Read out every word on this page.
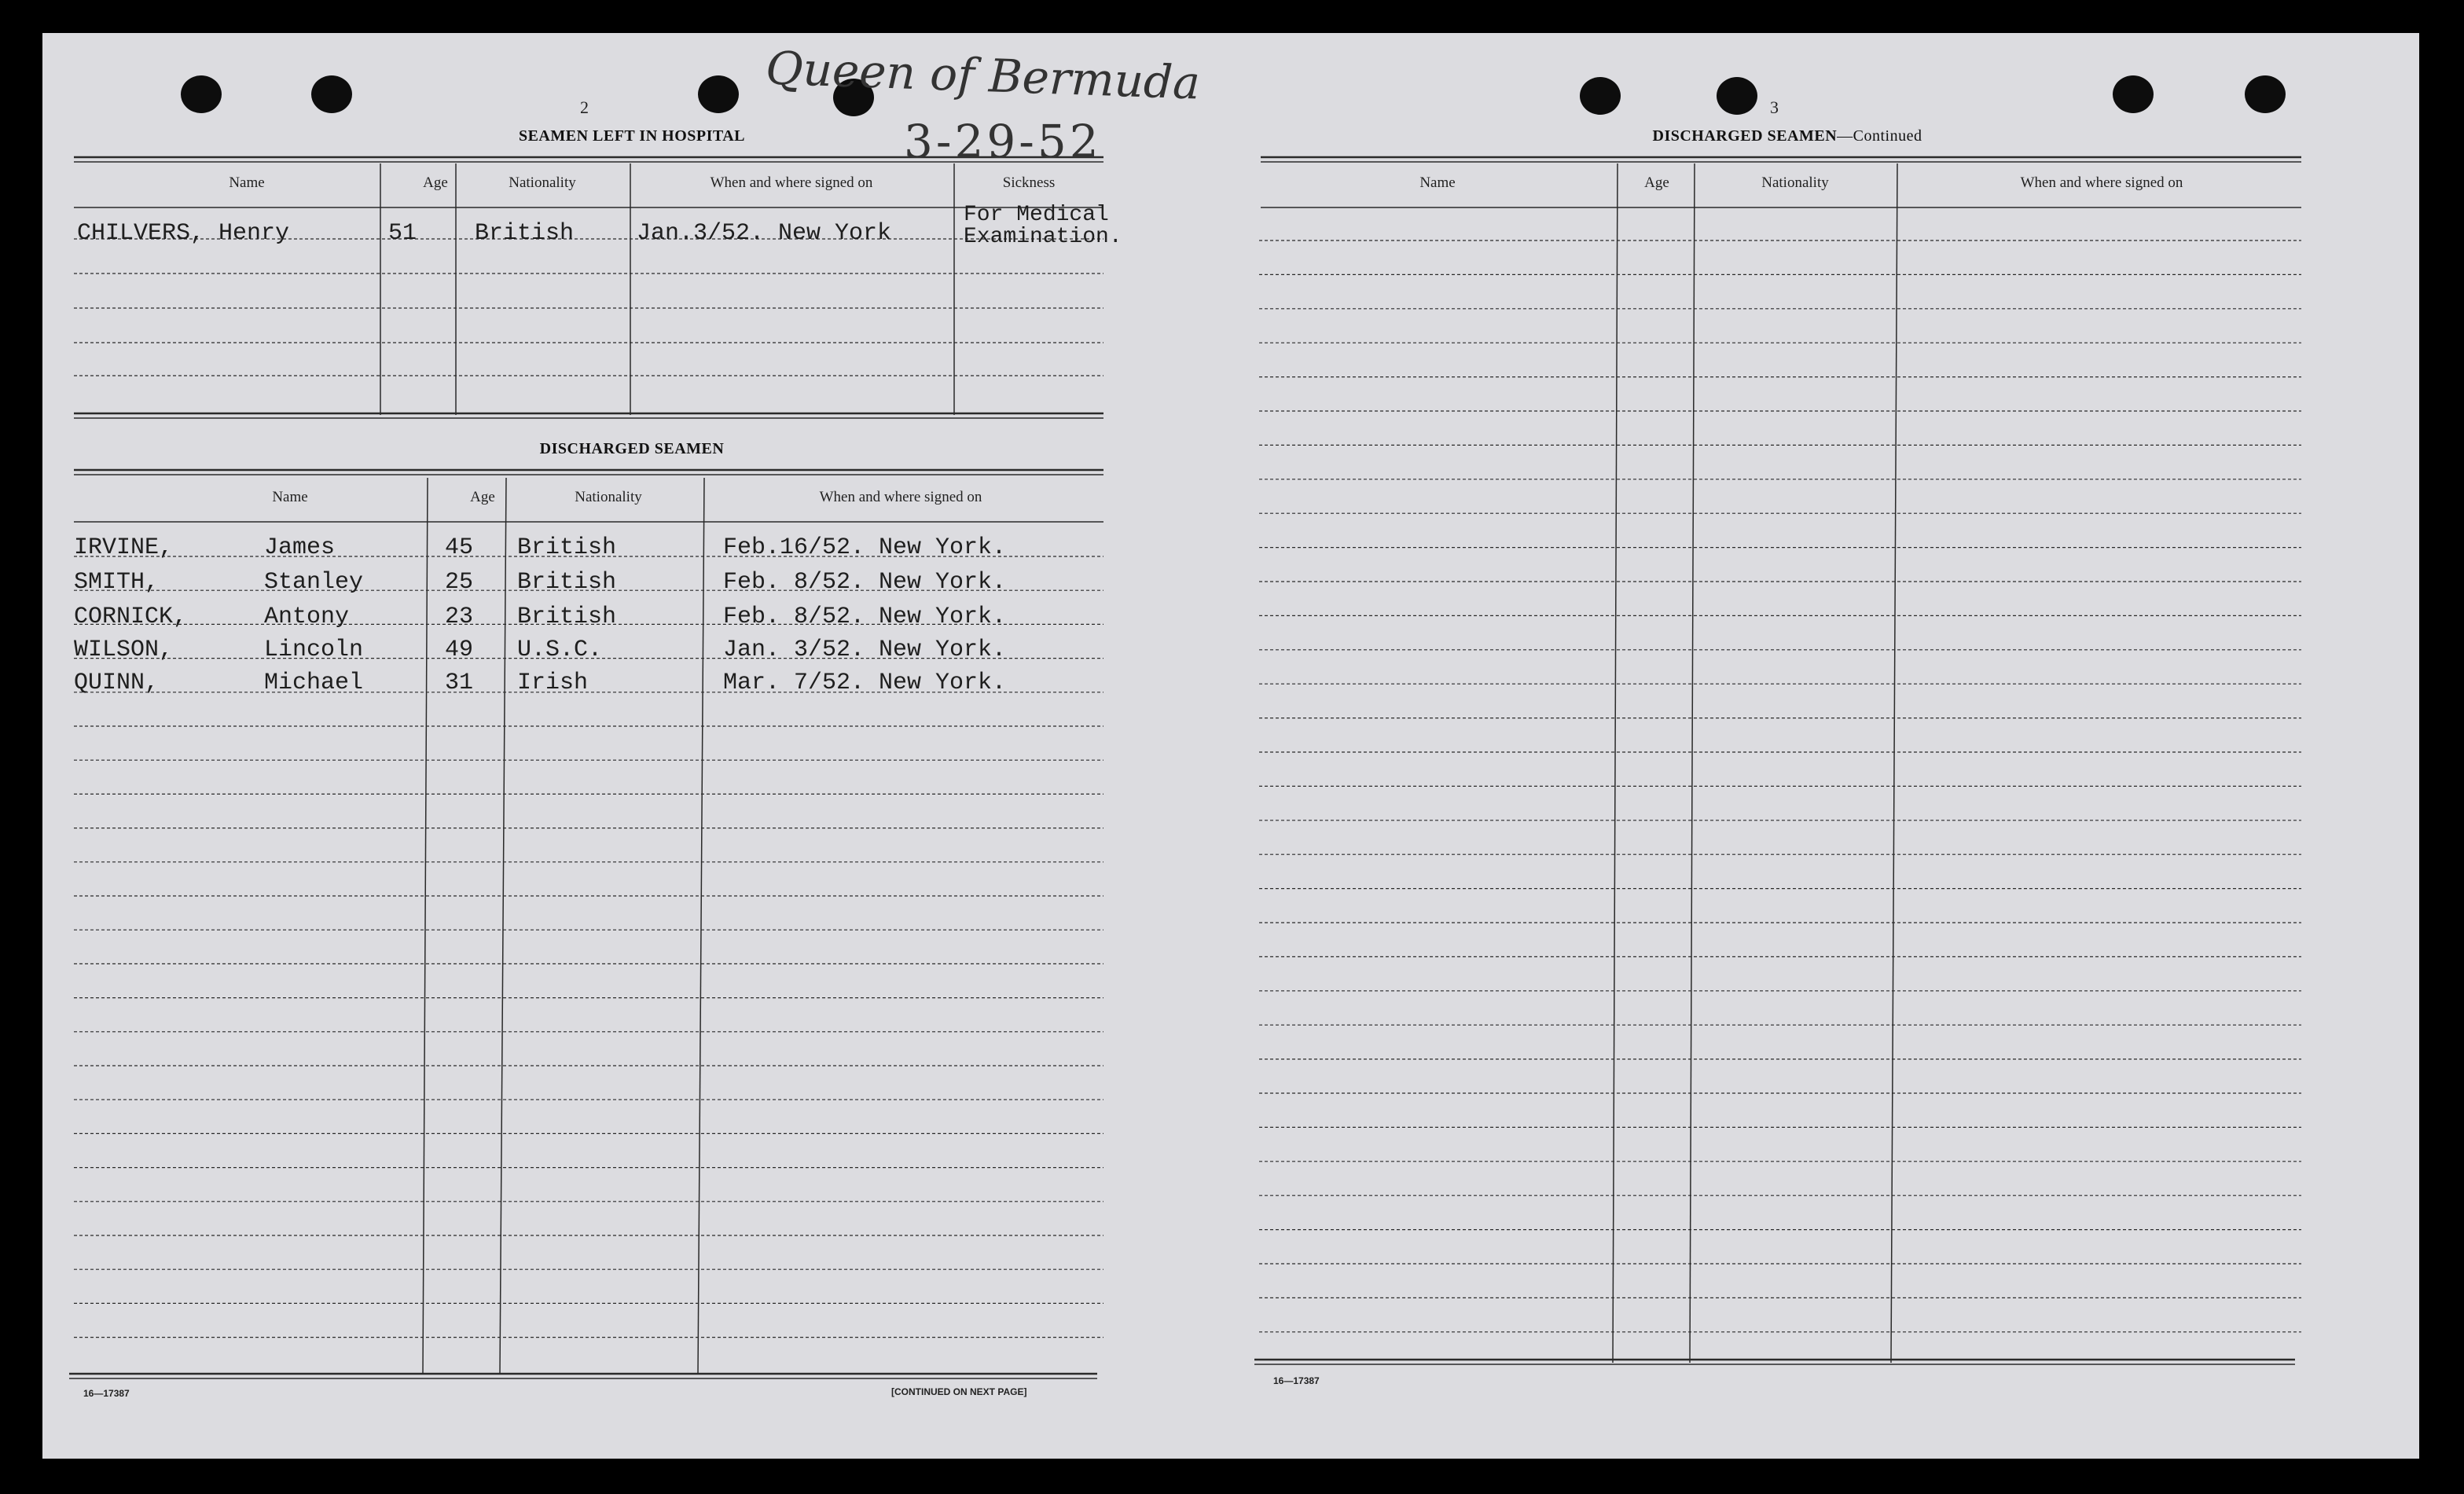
Queen of Bermuda
3-29-52
2
SEAMEN LEFT IN HOSPITAL
Name	Age	Nationality	When and where signed on	Sickness
CHILVERS, Henry	51 British	Jan.3/52. New York
For Medical
Examination.
DISCHARGED SEAMEN
Name	Age	Nationality	When and where signed on
IRVINE,	James	45 British	Feb.16/52. New York.
SMITH,	Stanley	25 British	Feb. 8/52. New York.
CORNICK,	Antony	23 British	Feb. 8/52. New York.
WILSON,	Lincoln	49 U.S.C.	Jan. 3/52. New York.
QUINN,	Michael	31 Irish	Mar. 7/52. New York.
16—17387	[CONTINUED ON NEXT PAGE]
3
DISCHARGED SEAMEN—Continued
Name	Age	Nationality	When and where signed on
16—17387
